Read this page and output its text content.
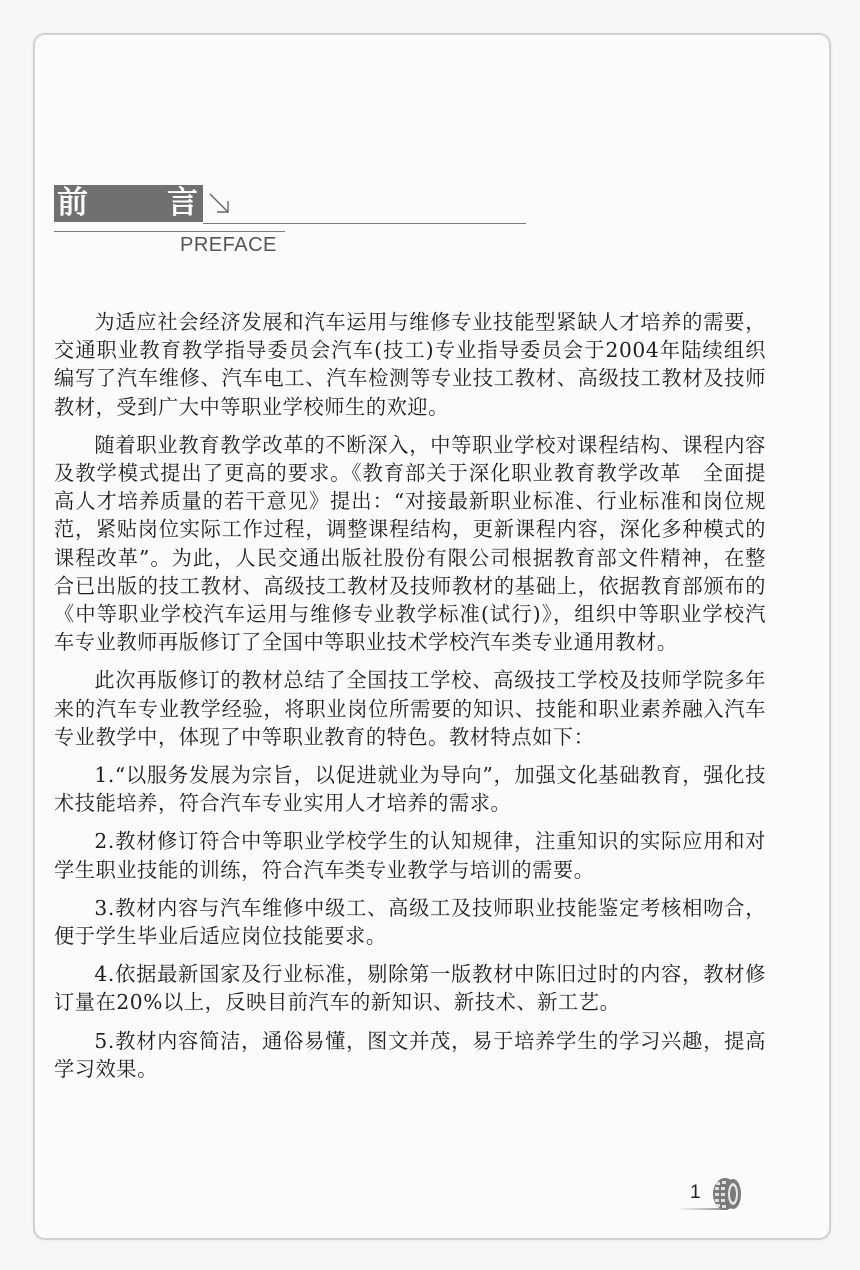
前	言
PREFACE

为适应社会经济发展和汽车运用与维修专业技能型紧缺人才培养的需要，交通职业教育教学指导委员会汽车(技工)专业指导委员会于2004年陆续组织编写了汽车维修、汽车电工、汽车检测等专业技工教材、高级技工教材及技师教材，受到广大中等职业学校师生的欢迎。

随着职业教育教学改革的不断深入，中等职业学校对课程结构、课程内容及教学模式提出了更高的要求。《教育部关于深化职业教育教学改革　全面提高人才培养质量的若干意见》提出：“对接最新职业标准、行业标准和岗位规范，紧贴岗位实际工作过程，调整课程结构，更新课程内容，深化多种模式的课程改革”。为此，人民交通出版社股份有限公司根据教育部文件精神，在整合已出版的技工教材、高级技工教材及技师教材的基础上，依据教育部颁布的《中等职业学校汽车运用与维修专业教学标准(试行)》，组织中等职业学校汽车专业教师再版修订了全国中等职业技术学校汽车类专业通用教材。

此次再版修订的教材总结了全国技工学校、高级技工学校及技师学院多年来的汽车专业教学经验，将职业岗位所需要的知识、技能和职业素养融入汽车专业教学中，体现了中等职业教育的特色。教材特点如下：

1.“以服务发展为宗旨，以促进就业为导向”，加强文化基础教育，强化技术技能培养，符合汽车专业实用人才培养的需求。

2.教材修订符合中等职业学校学生的认知规律，注重知识的实际应用和对学生职业技能的训练，符合汽车类专业教学与培训的需要。

3.教材内容与汽车维修中级工、高级工及技师职业技能鉴定考核相吻合，便于学生毕业后适应岗位技能要求。

4.依据最新国家及行业标准，剔除第一版教材中陈旧过时的内容，教材修订量在20%以上，反映目前汽车的新知识、新技术、新工艺。

5.教材内容简洁，通俗易懂，图文并茂，易于培养学生的学习兴趣，提高学习效果。

1
